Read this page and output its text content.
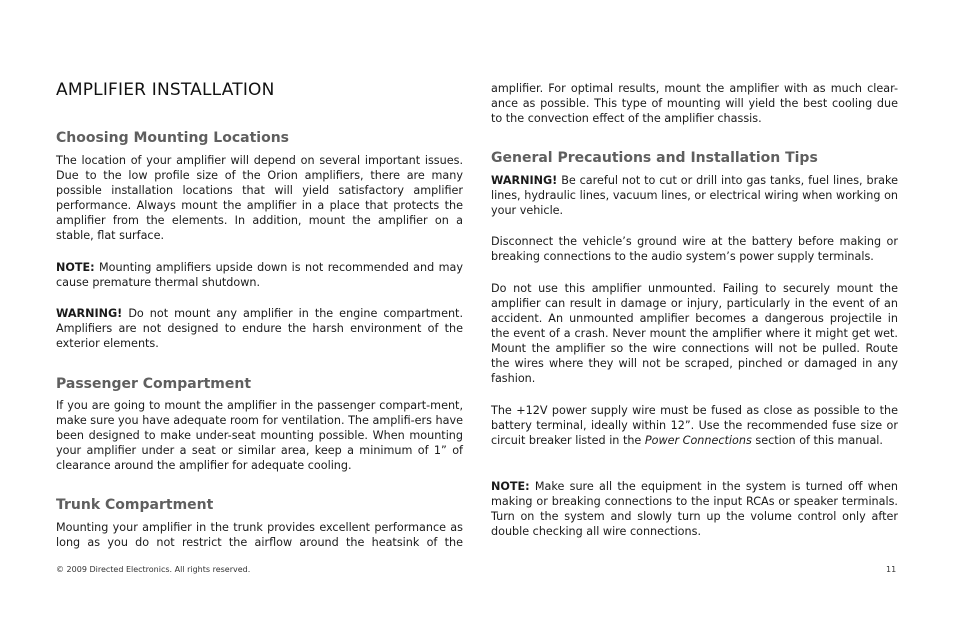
AMPLIFIER INSTALLATION
Choosing Mounting Locations

The location of your amplifier will depend on several important issues. Due to the low profile size of the Orion amplifiers, there are many possible installation locations that will yield satisfactory amplifier performance. Always mount the amplifier in a place that protects the amplifier from the elements. In addition, mount the amplifier on a stable, flat surface.

NOTE: Mounting amplifiers upside down is not recommended and may cause premature thermal shutdown.

WARNING! Do not mount any amplifier in the engine compartment. Amplifiers are not designed to endure the harsh environment of the exterior elements.

Passenger Compartment

If you are going to mount the amplifier in the passenger compart-ment, make sure you have adequate room for ventilation. The amplifi-ers have been designed to make under-seat mounting possible. When mounting your amplifier under a seat or similar area, keep a minimum of 1” of clearance around the amplifier for adequate cooling.

Trunk Compartment

Mounting your amplifier in the trunk provides excellent performance as long as you do not restrict the airflow around the heatsink of the

amplifier. For optimal results, mount the amplifier with as much clear-ance as possible. This type of mounting will yield the best cooling due to the convection effect of the amplifier chassis.

General Precautions and Installation Tips

WARNING! Be careful not to cut or drill into gas tanks, fuel lines, brake lines, hydraulic lines, vacuum lines, or electrical wiring when working on your vehicle.

Disconnect the vehicle’s ground wire at the battery before making or breaking connections to the audio system’s power supply terminals.

Do not use this amplifier unmounted. Failing to securely mount the amplifier can result in damage or injury, particularly in the event of an accident. An unmounted amplifier becomes a dangerous projectile in the event of a crash. Never mount the amplifier where it might get wet. Mount the amplifier so the wire connections will not be pulled. Route the wires where they will not be scraped, pinched or damaged in any fashion.

The +12V power supply wire must be fused as close as possible to the battery terminal, ideally within 12”. Use the recommended fuse size or circuit breaker listed in the Power Connections section of this manual.

NOTE: Make sure all the equipment in the system is turned off when making or breaking connections to the input RCAs or speaker terminals. Turn on the system and slowly turn up the volume control only after double checking all wire connections.

© 2009 Directed Electronics. All rights reserved.	11
